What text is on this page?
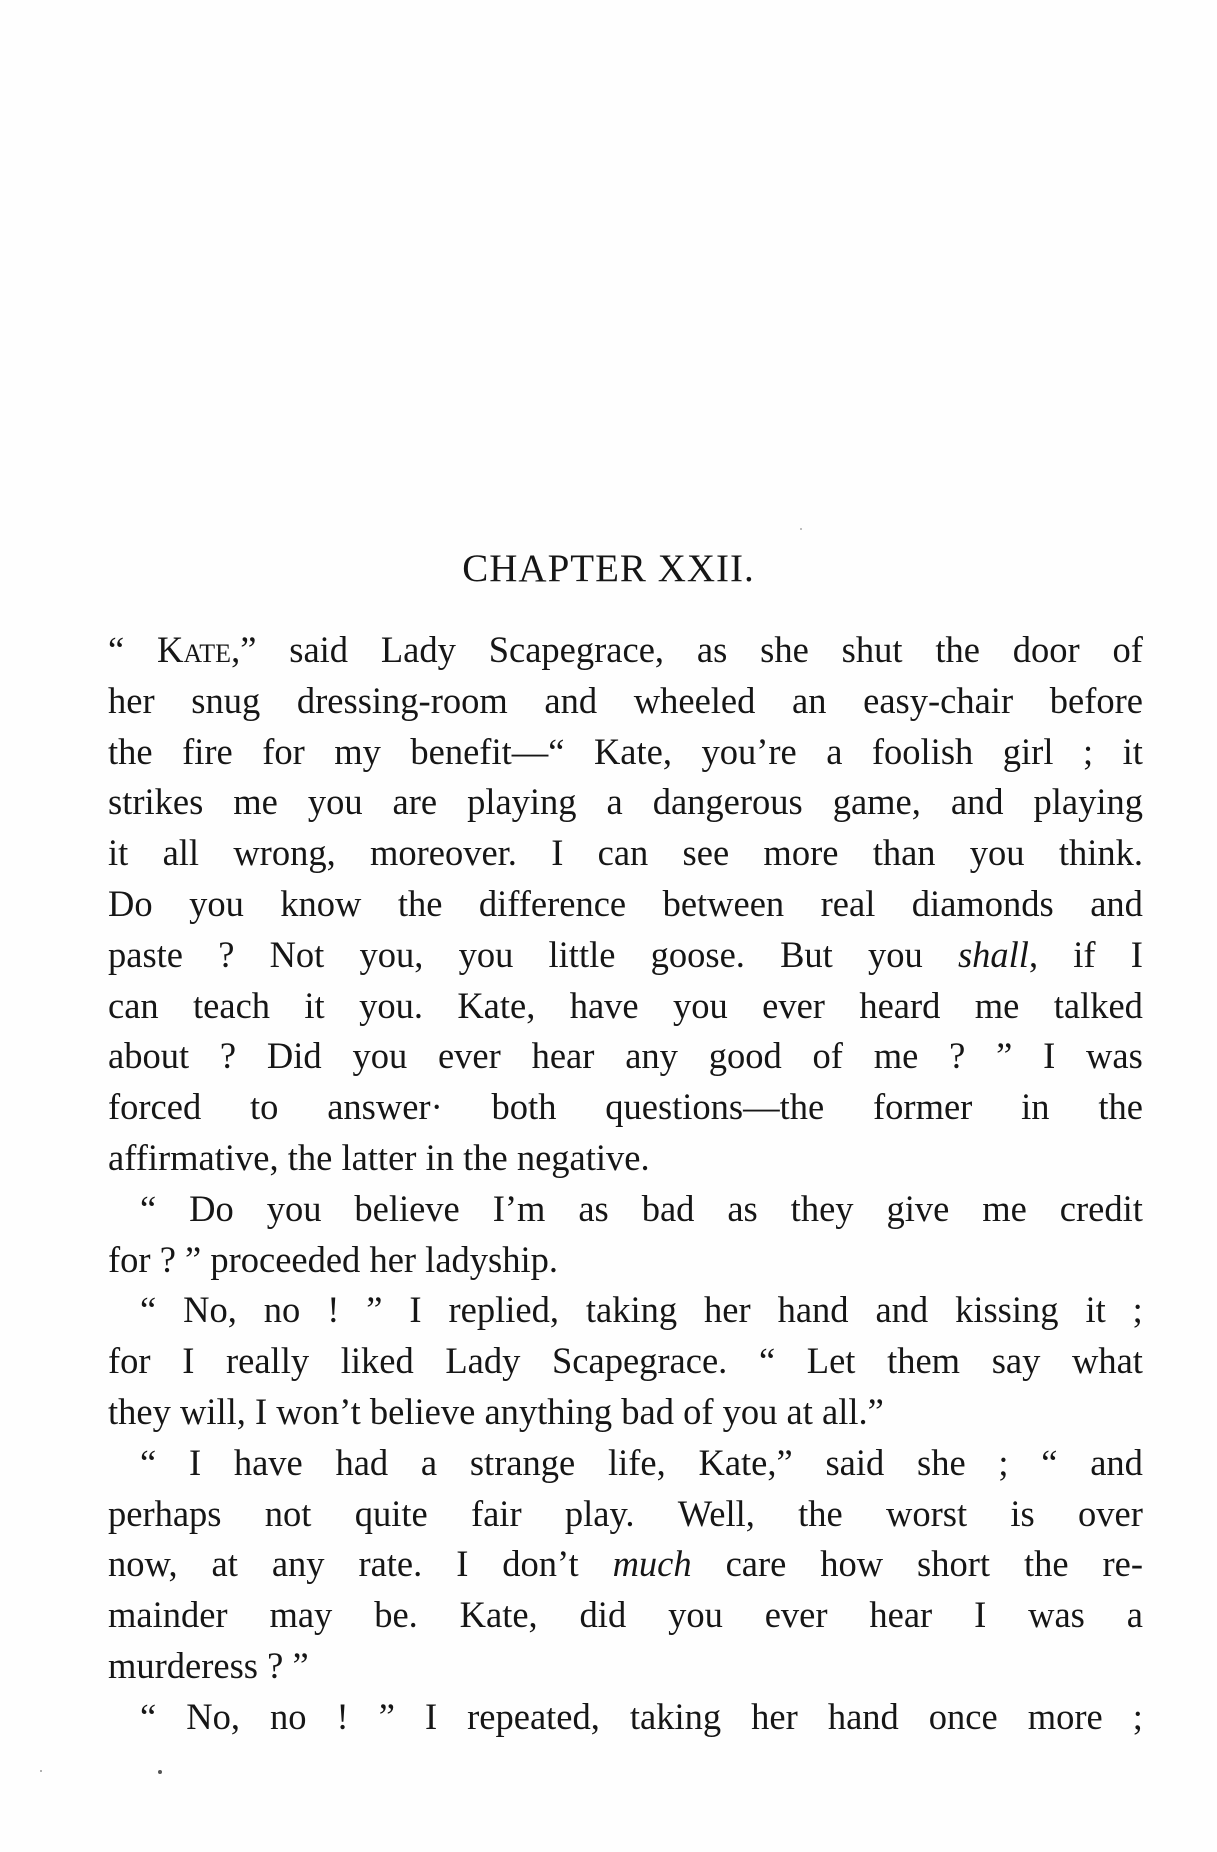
CHAPTER XXII.
“ Kate,” said Lady Scapegrace, as she shut the door of
her snug dressing-room and wheeled an easy-chair before
the fire for my benefit—“ Kate, you’re a foolish girl ; it
strikes me you are playing a dangerous game, and playing
it all wrong, moreover. I can see more than you think.
Do you know the difference between real diamonds and
paste ? Not you, you little goose. But you shall, if I
can teach it you. Kate, have you ever heard me talked
about ? Did you ever hear any good of me ? ” I was
forced to answer· both questions—the former in the
affirmative,
the
latter
in
the
negative.
“ Do you believe I’m as bad as they give me credit
for
?
”
proceeded
her
ladyship.
“ No, no ! ” I replied, taking her hand and kissing it ;
for I really liked Lady Scapegrace. “ Let them say what
they
will,
I
won’t
believe
anything
bad
of
you
at
all.”
“ I have had a strange life, Kate,” said she ; “ and
perhaps not quite fair play. Well, the worst is over
now, at any rate. I don’t much care how short the re-
mainder may be. Kate, did you ever hear I was a
murderess
?
”
“ No, no ! ” I repeated, taking her hand once more ;
